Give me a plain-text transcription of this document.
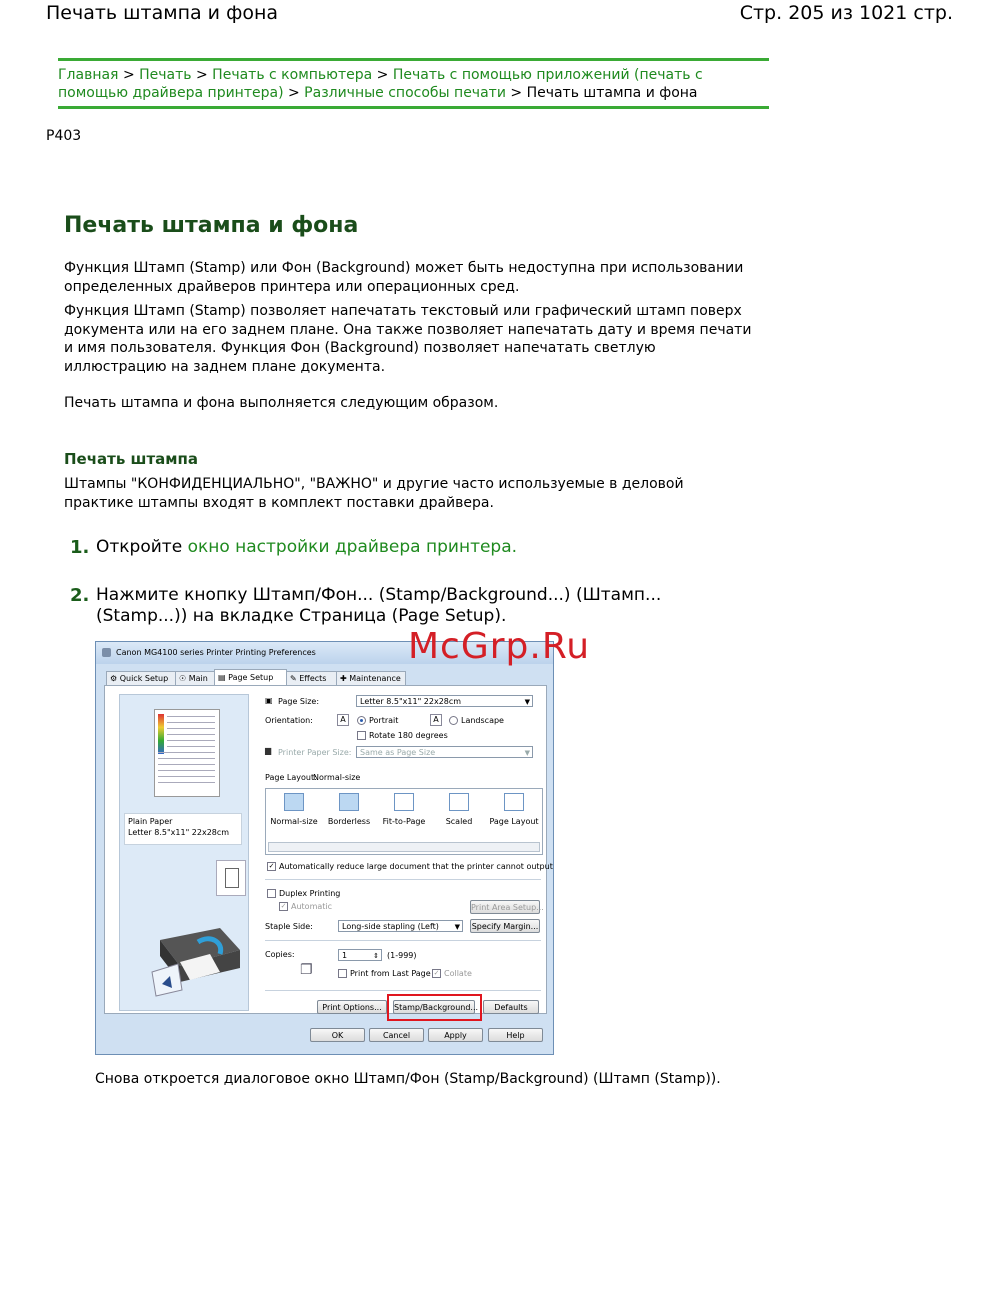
Печать штампа и фона	Стр. 205 из 1021 стр.
Главная > Печать > Печать с компьютера > Печать с помощью приложений (печать с помощью драйвера принтера) > Различные способы печати > Печать штампа и фона
P403
Печать штампа и фона
Функция Штамп (Stamp) или Фон (Background) может быть недоступна при использовании определенных драйверов принтера или операционных сред.
Функция Штамп (Stamp) позволяет напечатать текстовый или графический штамп поверх документа или на его заднем плане. Она также позволяет напечатать дату и время печати и имя пользователя. Функция Фон (Background) позволяет напечатать светлую иллюстрацию на заднем плане документа.
Печать штампа и фона выполняется следующим образом.
Печать штампа
Штампы "КОНФИДЕНЦИАЛЬНО", "ВАЖНО" и другие часто используемые в деловой практике штампы входят в комплект поставки драйвера.
1. Откройте окно настройки драйвера принтера.
2. Нажмите кнопку Штамп/Фон... (Stamp/Background...) (Штамп... (Stamp...)) на вкладке Страница (Page Setup).
Canon MG4100 series Printer Printing Preferences
⚙ Quick Setup	☉ Main	▤ Page Setup	✎ Effects	✚ Maintenance
Plain Paper
Letter 8.5"x11" 22x28cm
▣ Page Size:	Letter 8.5"x11" 22x28cm	▼
Orientation:	A	Portrait	A	Landscape
Rotate 180 degrees
▆ Printer Paper Size:	Same as Page Size	▼
Page Layout:
Normal-size
Normal-size	Borderless	Fit-to-Page	Scaled	Page Layout
✓ Automatically reduce large document that the printer cannot output
Duplex Printing
✓ Automatic	Print Area Setup...
Staple Side:	Long-side stapling (Left) ▼ Specify Margin...
Copies:	1	⇕ (1-999)
❐	Print from Last Page ✓ Collate
Print Options...	Stamp/Background...	Defaults
OK	Cancel	Apply	Help
McGrp.Ru
Снова откроется диалоговое окно Штамп/Фон (Stamp/Background) (Штамп (Stamp)).
